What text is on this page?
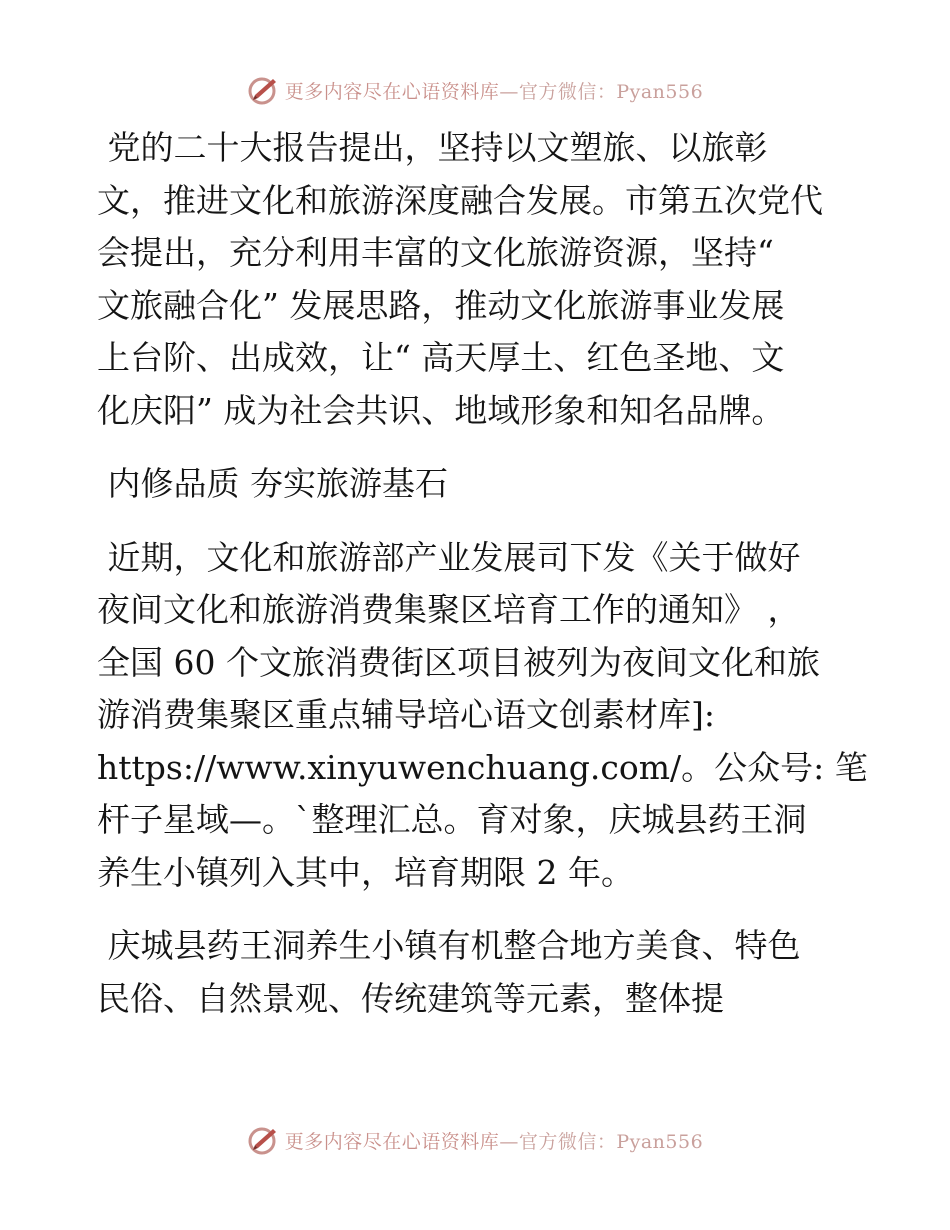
更多内容尽在心语资料库—官方微信：Pyan556
党的二十大报告提出，坚持以文塑旅、以旅彰
文，推进文化和旅游深度融合发展。市第五次党代
会提出，充分利用丰富的文化旅游资源，坚持“
文旅融合化” 发展思路，推动文化旅游事业发展
上台阶、出成效，让“ 高天厚土、红色圣地、文
化庆阳” 成为社会共识、地域形象和知名品牌。
内修品质 夯实旅游基石
近期，文化和旅游部产业发展司下发《关于做好
夜间文化和旅游消费集聚区培育工作的通知》 ，
全国 60 个文旅消费街区项目被列为夜间文化和旅
游消费集聚区重点辅导培心语文创素材库]:
https://www.xinyuwenchuang.com/。公众号: 笔
杆子星域—。`整理汇总。育对象，庆城县药王洞
养生小镇列入其中，培育期限 2 年。
庆城县药王洞养生小镇有机整合地方美食、特色
民俗、自然景观、传统建筑等元素，整体提
更多内容尽在心语资料库—官方微信：Pyan556
